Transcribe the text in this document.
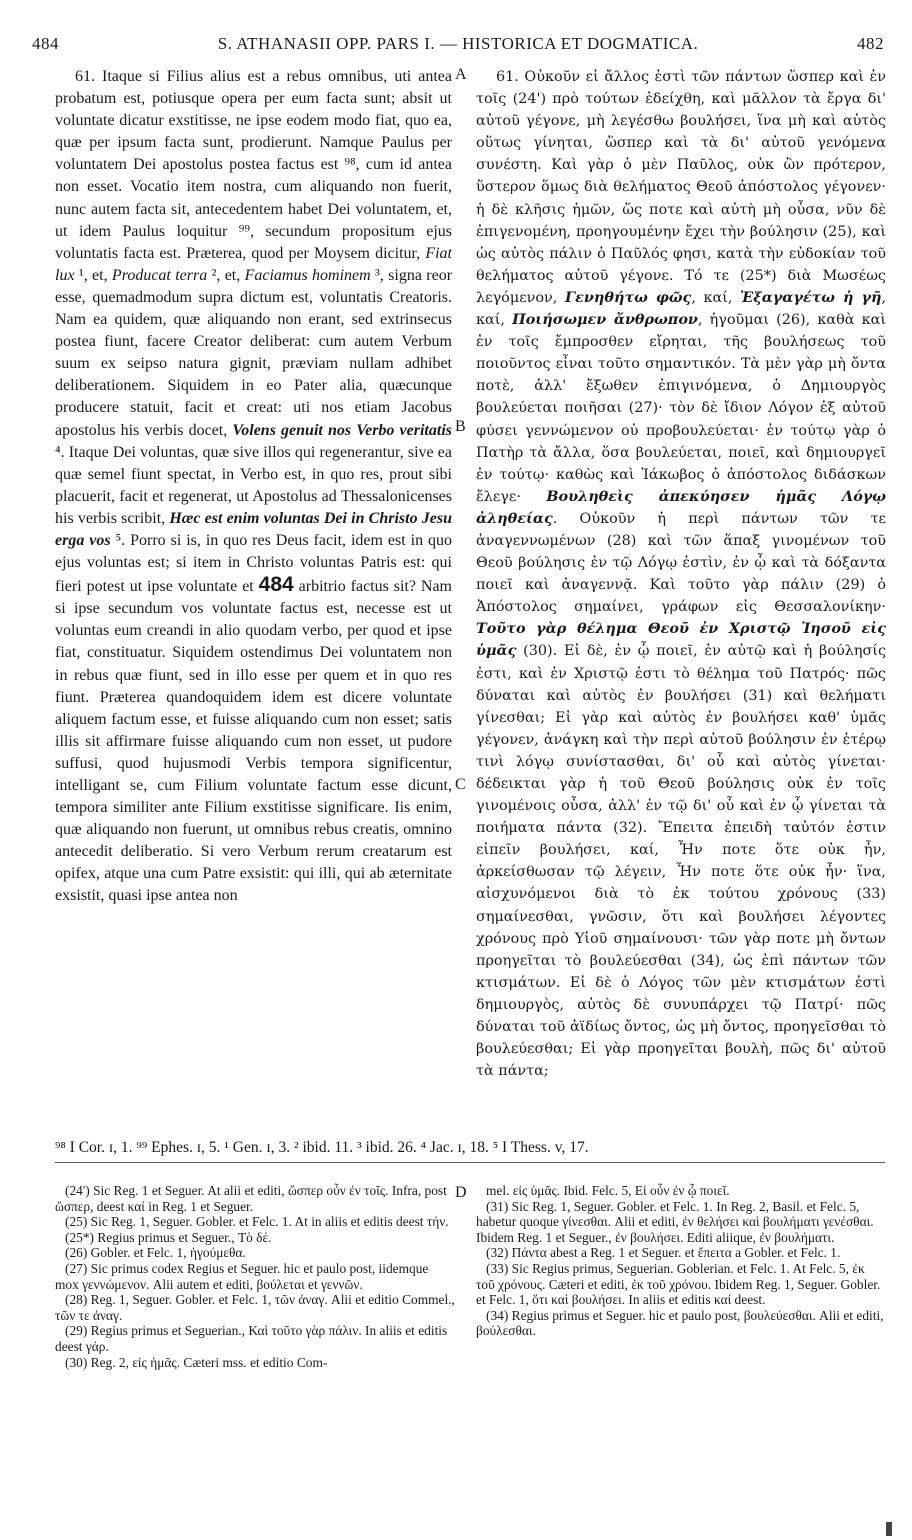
484	S. ATHANASII OPP. PARS I. — HISTORICA ET DOGMATICA.	482
A
B
C
D

61. Itaque si Filius alius est a rebus omnibus, uti antea probatum est, potiusque opera per eum facta sunt; absit ut voluntate dicatur exstitisse, ne ipse eodem modo fiat, quo ea, quæ per ipsum facta sunt, prodierunt. Namque Paulus per voluntatem Dei apostolus postea factus est ⁹⁸, cum id antea non esset. Vocatio item nostra, cum aliquando non fuerit, nunc autem facta sit, antecedentem habet Dei voluntatem, et, ut idem Paulus loquitur ⁹⁹, secundum propositum ejus voluntatis facta est. Præterea, quod per Moysem dicitur, Fiat lux ¹, et, Producat terra ², et, Faciamus hominem ³, signa reor esse, quemadmodum supra dictum est, voluntatis Creatoris. Nam ea quidem, quæ aliquando non erant, sed extrinsecus postea fiunt, facere Creator deliberat: cum autem Verbum suum ex seipso natura gignit, præviam nullam adhibet deliberationem. Siquidem in eo Pater alia, quæcunque producere statuit, facit et creat: uti nos etiam Jacobus apostolus his verbis docet, Volens genuit nos Verbo veritatis ⁴. Itaque Dei voluntas, quæ sive illos qui regenerantur, sive ea quæ semel fiunt spectat, in Verbo est, in quo res, prout sibi placuerit, facit et regenerat, ut Apostolus ad Thessalonicenses his verbis scribit, Hæc est enim voluntas Dei in Christo Jesu erga vos ⁵. Porro si is, in quo res Deus facit, idem est in quo ejus voluntas est; si item in Christo voluntas Patris est: qui fieri potest ut ipse voluntate et 484 arbitrio factus sit? Nam si ipse secundum vos voluntate factus est, necesse est ut voluntas eum creandi in alio quodam verbo, per quod et ipse fiat, constituatur. Siquidem ostendimus Dei voluntatem non in rebus quæ fiunt, sed in illo esse per quem et in quo res fiunt. Præterea quandoquidem idem est dicere voluntate aliquem factum esse, et fuisse aliquando cum non esset; satis illis sit affirmare fuisse aliquando cum non esset, ut pudore suffusi, quod hujusmodi Verbis tempora significentur, intelligant se, cum Filium voluntate factum esse dicunt, tempora similiter ante Filium exstitisse significare. Iis enim, quæ aliquando non fuerunt, ut omnibus rebus creatis, omnino antecedit deliberatio. Si vero Verbum rerum creatarum est opifex, atque una cum Patre exsistit: qui illi, qui ab æternitate exsistit, quasi ipse antea non

61. Οὐκοῦν εἰ ἄλλος ἐστὶ τῶν πάντων ὥσπερ καὶ ἐν τοῖς (24') πρὸ τούτων ἐδείχθη, καὶ μᾶλλον τὰ ἔργα δι' αὐτοῦ γέγονε, μὴ λεγέσθω βουλήσει, ἵνα μὴ καὶ αὐτὸς οὕτως γίνηται, ὥσπερ καὶ τὰ δι' αὐτοῦ γενόμενα συνέστη. Καὶ γὰρ ὁ μὲν Παῦλος, οὐκ ὢν πρότερον, ὕστερον ὅμως διὰ θελήματος Θεοῦ ἀπόστολος γέγονεν· ἡ δὲ κλῆσις ἡμῶν, ὥς ποτε καὶ αὐτὴ μὴ οὖσα, νῦν δὲ ἐπιγενομένη, προηγουμένην ἔχει τὴν βούλησιν (25), καὶ ὡς αὐτὸς πάλιν ὁ Παῦλός φησι, κατὰ τὴν εὐδοκίαν τοῦ θελήματος αὐτοῦ γέγονε. Τό τε (25*) διὰ Μωσέως λεγόμενον, Γενηθήτω φῶς, καί, Ἐξαγαγέτω ἡ γῆ, καί, Ποιήσωμεν ἄνθρωπον, ἡγοῦμαι (26), καθὰ καὶ ἐν τοῖς ἔμπροσθεν εἴρηται, τῆς βουλήσεως τοῦ ποιοῦντος εἶναι τοῦτο σημαντικόν. Τὰ μὲν γὰρ μὴ ὄντα ποτὲ, ἀλλ' ἔξωθεν ἐπιγινόμενα, ὁ Δημιουργὸς βουλεύεται ποιῆσαι (27)· τὸν δὲ ἴδιον Λόγον ἐξ αὐτοῦ φύσει γεννώμενον οὐ προβουλεύεται· ἐν τούτῳ γὰρ ὁ Πατὴρ τὰ ἄλλα, ὅσα βουλεύεται, ποιεῖ, καὶ δημιουργεῖ ἐν τούτῳ· καθὼς καὶ Ἰάκωβος ὁ ἀπόστολος διδάσκων ἔλεγε· Βουληθεὶς ἀπεκύησεν ἡμᾶς Λόγῳ ἀληθείας. Οὐκοῦν ἡ περὶ πάντων τῶν τε ἀναγεννωμένων (28) καὶ τῶν ἅπαξ γινομένων τοῦ Θεοῦ βούλησις ἐν τῷ Λόγῳ ἐστὶν, ἐν ᾧ καὶ τὰ δόξαντα ποιεῖ καὶ ἀναγεννᾷ. Καὶ τοῦτο γὰρ πάλιν (29) ὁ Ἀπόστολος σημαίνει, γράφων εἰς Θεσσαλονίκην· Τοῦτο γὰρ θέλημα Θεοῦ ἐν Χριστῷ Ἰησοῦ εἰς ὑμᾶς (30). Εἰ δὲ, ἐν ᾧ ποιεῖ, ἐν αὐτῷ καὶ ἡ βούλησίς ἐστι, καὶ ἐν Χριστῷ ἐστι τὸ θέλημα τοῦ Πατρός· πῶς δύναται καὶ αὐτὸς ἐν βουλήσει (31) καὶ θελήματι γίνεσθαι; Εἰ γὰρ καὶ αὐτὸς ἐν βουλήσει καθ' ὑμᾶς γέγονεν, ἀνάγκη καὶ τὴν περὶ αὐτοῦ βούλησιν ἐν ἑτέρῳ τινὶ λόγῳ συνίστασθαι, δι' οὗ καὶ αὐτὸς γίνεται· δέδεικται γὰρ ἡ τοῦ Θεοῦ βούλησις οὐκ ἐν τοῖς γινομένοις οὖσα, ἀλλ' ἐν τῷ δι' οὗ καὶ ἐν ᾧ γίνεται τὰ ποιήματα πάντα (32). Ἔπειτα ἐπειδὴ ταὐτόν ἐστιν εἰπεῖν βουλήσει, καί, Ἦν ποτε ὅτε οὐκ ἦν, ἀρκείσθωσαν τῷ λέγειν, Ἦν ποτε ὅτε οὐκ ἦν· ἵνα, αἰσχυνόμενοι διὰ τὸ ἐκ τούτου χρόνους (33) σημαίνεσθαι, γνῶσιν, ὅτι καὶ βουλήσει λέγοντες χρόνους πρὸ Υἱοῦ σημαίνουσι· τῶν γὰρ ποτε μὴ ὄντων προηγεῖται τὸ βουλεύεσθαι (34), ὡς ἐπὶ πάντων τῶν κτισμάτων. Εἰ δὲ ὁ Λόγος τῶν μὲν κτισμάτων ἐστὶ δημιουργὸς, αὐτὸς δὲ συνυπάρχει τῷ Πατρί· πῶς δύναται τοῦ ἀϊδίως ὄντος, ὡς μὴ ὄντος, προηγεῖσθαι τὸ βουλεύεσθαι; Εἰ γὰρ προηγεῖται βουλὴ, πῶς δι' αὐτοῦ τὰ πάντα;

⁹⁸ I Cor. ɪ, 1. ⁹⁹ Ephes. ɪ, 5. ¹ Gen. ɪ, 3. ² ibid. 11. ³ ibid. 26. ⁴ Jac. ɪ, 18. ⁵ I Thess. v, 17.

(24') Sic Reg. 1 et Seguer. At alii et editi, ὥσπερ οὖν ἐν τοῖς. Infra, post ὥσπερ, deest καί in Reg. 1 et Seguer.

(25) Sic Reg. 1, Seguer. Gobler. et Felc. 1. At in aliis et editis deest τήν.

(25*) Regius primus et Seguer., Τὸ δέ.

(26) Gobler. et Felc. 1, ἡγούμεθα.

(27) Sic primus codex Regius et Seguer. hic et paulo post, iidemque mox γεννώμενον. Alii autem et editi, βούλεται et γεννῶν.

(28) Reg. 1, Seguer. Gobler. et Felc. 1, τῶν ἀναγ. Alii et editio Commel., τῶν τε ἀναγ.

(29) Regius primus et Seguerian., Καὶ τοῦτο γὰρ πάλιν. In aliis et editis deest γάρ.

(30) Reg. 2, εἰς ἡμᾶς. Cæteri mss. et editio Com-

mel. εἰς ὑμᾶς. Ibid. Felc. 5, Εἰ οὖν ἐν ᾧ ποιεῖ.

(31) Sic Reg. 1, Seguer. Gobler. et Felc. 1. In Reg. 2, Basil. et Felc. 5, habetur quoque γίνεσθαι. Alii et editi, ἐν θελήσει καὶ βουλήματι γενέσθαι. Ibidem Reg. 1 et Seguer., ἐν βουλήσει. Editi aliique, ἐν βουλήματι.

(32) Πάντα abest a Reg. 1 et Seguer. et ἔπειτα a Gobler. et Felc. 1.

(33) Sic Regius primus, Seguerian. Goblerian. et Felc. 1. At Felc. 5, ἐκ τοῦ χρόνους. Cæteri et editi, ἐκ τοῦ χρόνου. Ibidem Reg. 1, Seguer. Gobler. et Felc. 1, ὅτι καὶ βουλήσει. In aliis et editis καί deest.

(34) Regius primus et Seguer. hic et paulo post, βουλεύεσθαι. Alii et editi, βούλεσθαι.
